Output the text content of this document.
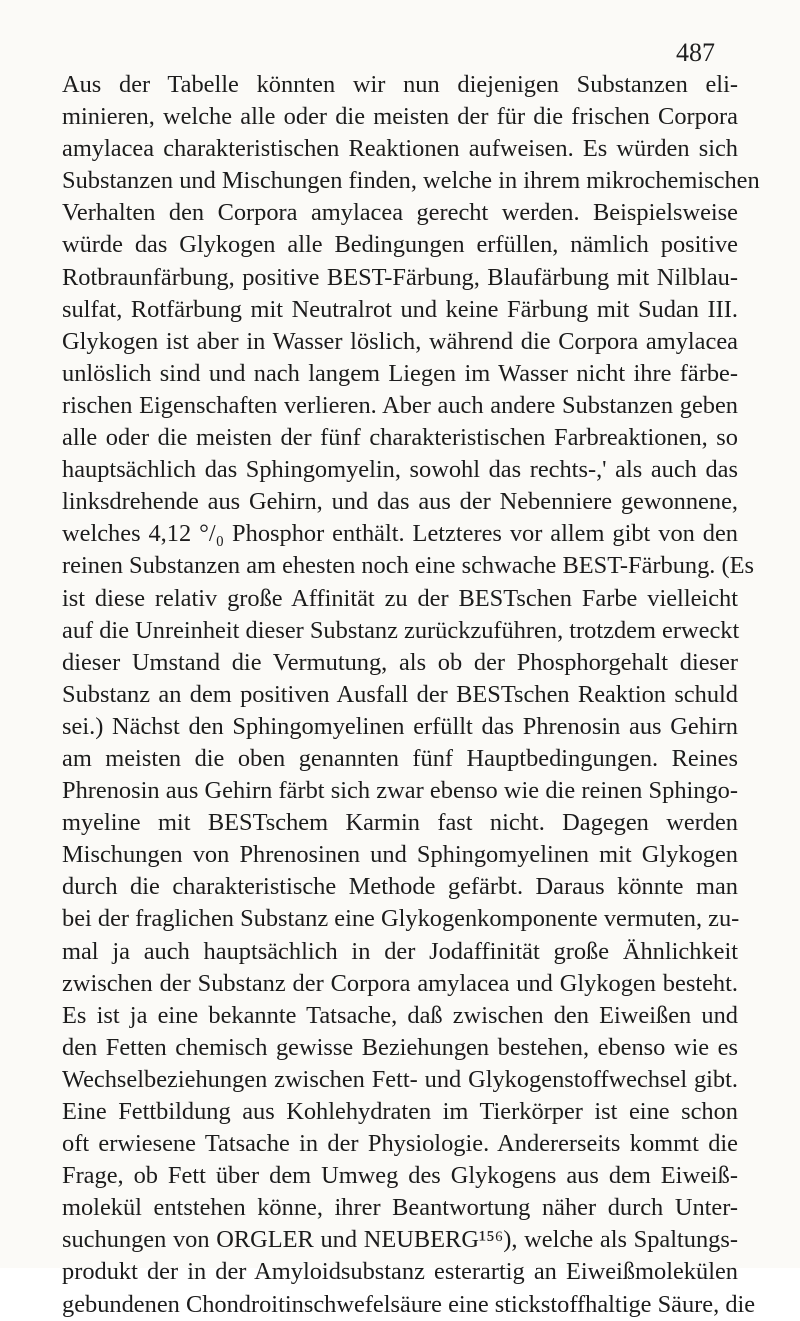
487
Aus der Tabelle könnten wir nun diejenigen Substanzen eli-
minieren, welche alle oder die meisten der für die frischen Corpora
amylacea charakteristischen Reaktionen aufweisen. Es würden sich
Substanzen und Mischungen finden, welche in ihrem mikrochemischen
Verhalten den Corpora amylacea gerecht werden. Beispielsweise
würde das Glykogen alle Bedingungen erfüllen, nämlich positive
Rotbraunfärbung, positive BEST-Färbung, Blaufärbung mit Nilblau-
sulfat, Rotfärbung mit Neutralrot und keine Färbung mit Sudan III.
Glykogen ist aber in Wasser löslich, während die Corpora amylacea
unlöslich sind und nach langem Liegen im Wasser nicht ihre färbe-
rischen Eigenschaften verlieren. Aber auch andere Substanzen geben
alle oder die meisten der fünf charakteristischen Farbreaktionen, so
hauptsächlich das Sphingomyelin, sowohl das rechts-,' als auch das
linksdrehende aus Gehirn, und das aus der Nebenniere gewonnene,
welches 4,12 °/₀ Phosphor enthält. Letzteres vor allem gibt von den
reinen Substanzen am ehesten noch eine schwache BEST-Färbung. (Es
ist diese relativ große Affinität zu der BESTschen Farbe vielleicht
auf die Unreinheit dieser Substanz zurückzuführen, trotzdem erweckt
dieser Umstand die Vermutung, als ob der Phosphorgehalt dieser
Substanz an dem positiven Ausfall der BESTschen Reaktion schuld
sei.) Nächst den Sphingomyelinen erfüllt das Phrenosin aus Gehirn
am meisten die oben genannten fünf Hauptbedingungen. Reines
Phrenosin aus Gehirn färbt sich zwar ebenso wie die reinen Sphingo-
myeline mit BESTschem Karmin fast nicht. Dagegen werden
Mischungen von Phrenosinen und Sphingomyelinen mit Glykogen
durch die charakteristische Methode gefärbt. Daraus könnte man
bei der fraglichen Substanz eine Glykogenkomponente vermuten, zu-
mal ja auch hauptsächlich in der Jodaffinität große Ähnlichkeit
zwischen der Substanz der Corpora amylacea und Glykogen besteht.
Es ist ja eine bekannte Tatsache, daß zwischen den Eiweißen und
den Fetten chemisch gewisse Beziehungen bestehen, ebenso wie es
Wechselbeziehungen zwischen Fett- und Glykogenstoffwechsel gibt.
Eine Fettbildung aus Kohlehydraten im Tierkörper ist eine schon
oft erwiesene Tatsache in der Physiologie. Andererseits kommt die
Frage, ob Fett über dem Umweg des Glykogens aus dem Eiweiß-
molekül entstehen könne, ihrer Beantwortung näher durch Unter-
suchungen von ORGLER und NEUBERG¹⁵⁶), welche als Spaltungs-
produkt der in der Amyloidsubstanz esterartig an Eiweißmolekülen
gebundenen Chondroitinschwefelsäure eine stickstoffhaltige Säure, die
